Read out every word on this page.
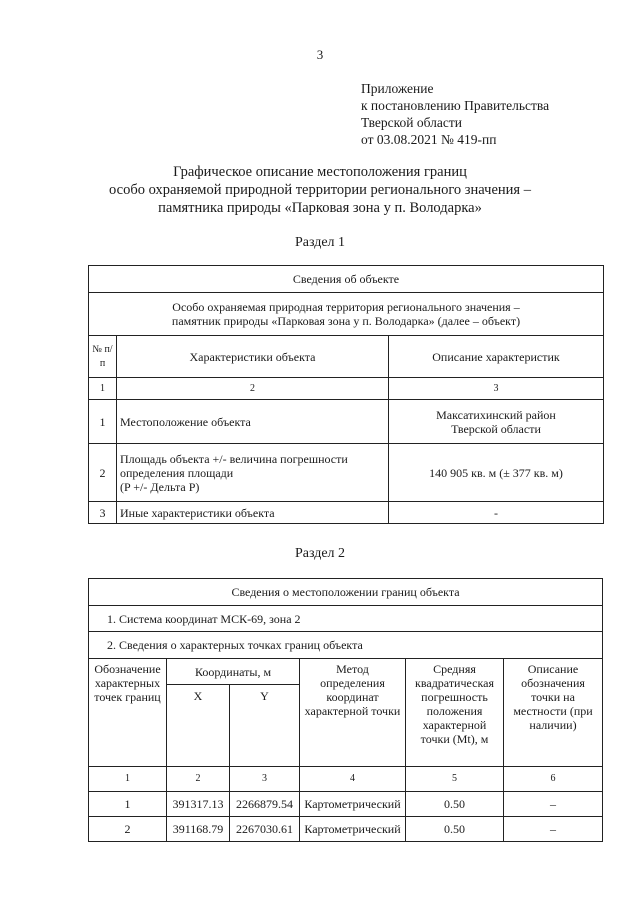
3
Приложение
к постановлению Правительства
Тверской области
от 03.08.2021 № 419-пп
Графическое описание местоположения границ
особо охраняемой природной территории регионального значения –
памятника природы «Парковая зона у п. Володарка»
Раздел 1
Сведения об объекте		

Особо охраняемая природная территория регионального значения –
памятник природы «Парковая зона у п. Володарка» (далее – объект)		

№ п/п	Характеристики объекта	Описание характеристик
1	2	3
1	Местоположение объекта	Максатихинский район
Тверской области

2	Площадь объекта +/- величина погрешности
определения площади
(P +/- Дельта P)	140 905 кв. м (± 377 кв. м)
3	Иные характеристики объекта	-
Раздел 2
Сведения о местоположении границ объекта					
1. Система координат МСК-69, зона 2					
2. Сведения о характерных точках границ объекта					
Обозначение характерных точек границ	Координаты, м		Метод определения координат характерной точки	Средняя квадратическая погрешность положения характерной точки (Mt), м	Описание обозначения точки на местности (при наличии)
	X	Y			
1	2	3	4	5	6
1	391317.13	2266879.54	Картометрический	0.50	–
2	391168.79	2267030.61	Картометрический	0.50	–
